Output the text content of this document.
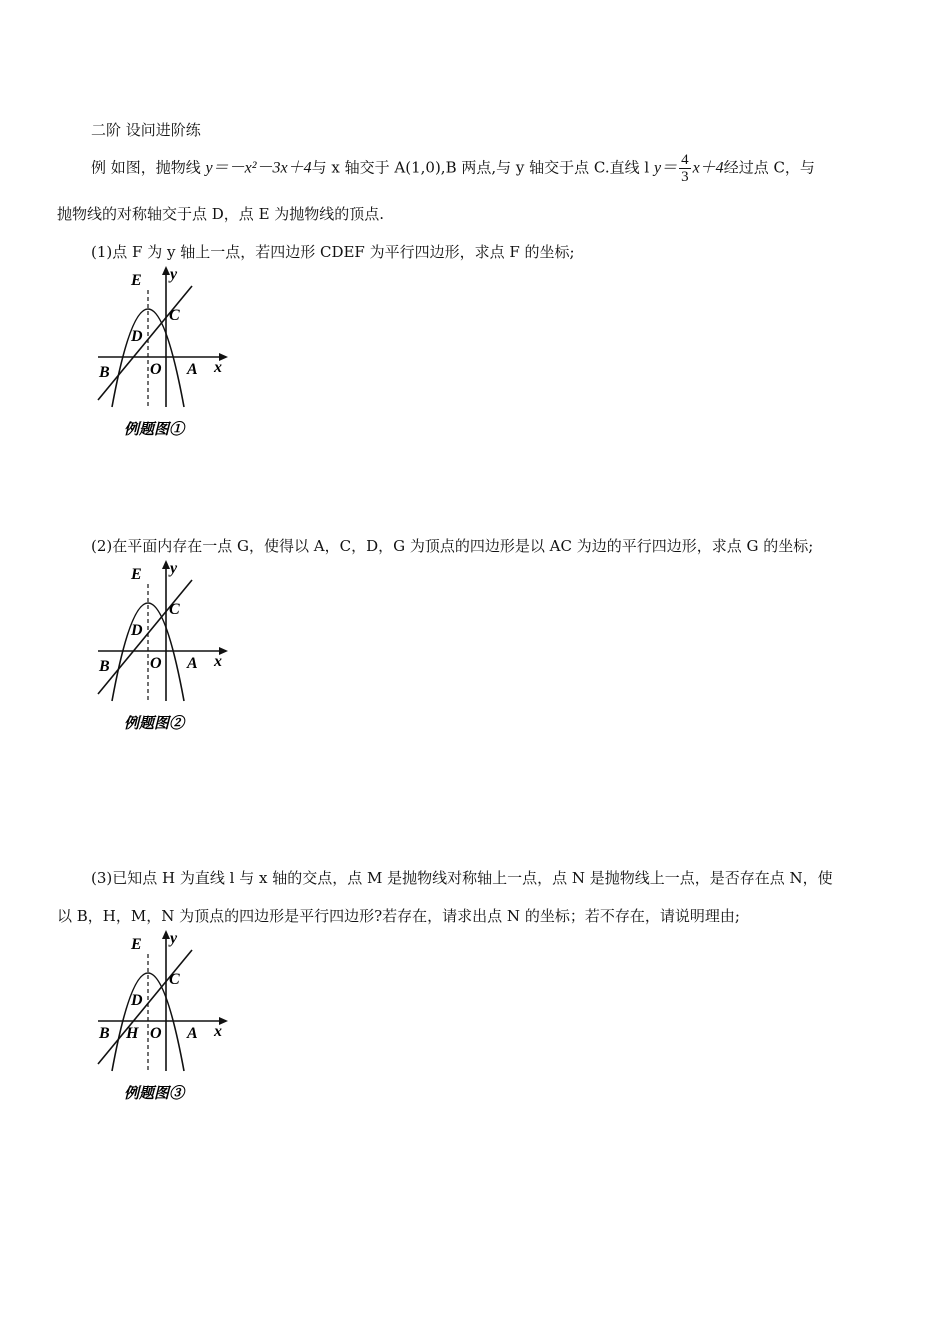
二阶 设问进阶练
例 如图，抛物线 y＝－x²－3x＋4与 x 轴交于 A(1,0),B 两点,与 y 轴交于点 C.直线 l $y= \frac{4}{3} x+4$经过点 C，与
抛物线的对称轴交于点 D，点 E 为抛物线的顶点.
(1)点 F 为 y 轴上一点，若四边形 CDEF 为平行四边形，求点 F 的坐标;
E y
C
D
B	O A x
例题图①
(2)在平面内存在一点 G，使得以 A，C，D，G 为顶点的四边形是以 AC 为边的平行四边形，求点 G 的坐标;
E y
C
D
B	O A x
例题图②
(3)已知点 H 为直线 l 与 x 轴的交点，点 M 是抛物线对称轴上一点，点 N 是抛物线上一点，是否存在点 N，使
以 B，H，M，N 为顶点的四边形是平行四边形?若存在，请求出点 N 的坐标；若不存在，请说明理由;
E y
C
D
B H O A x
例题图③
